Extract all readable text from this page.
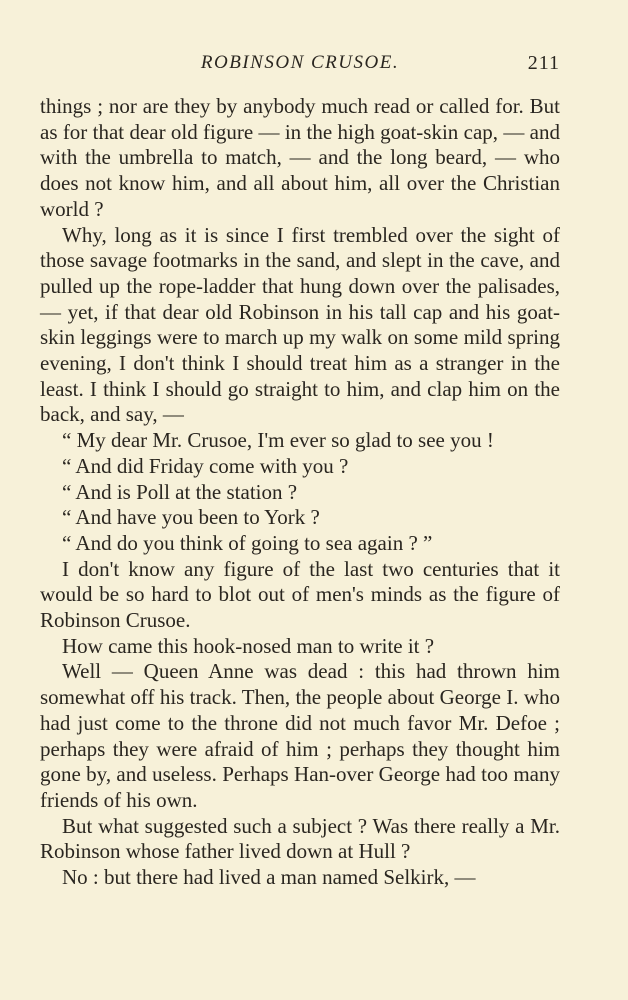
ROBINSON CRUSOE.	211

things ; nor are they by anybody much read or called for. But as for that dear old figure — in the high goat-skin cap, — and with the umbrella to match, — and the long beard, — who does not know him, and all about him, all over the Christian world ?

Why, long as it is since I first trembled over the sight of those savage footmarks in the sand, and slept in the cave, and pulled up the rope-ladder that hung down over the palisades, — yet, if that dear old Robinson in his tall cap and his goat-skin leggings were to march up my walk on some mild spring evening, I don't think I should treat him as a stranger in the least. I think I should go straight to him, and clap him on the back, and say, —

“ My dear Mr. Crusoe, I'm ever so glad to see you !

“ And did Friday come with you ?

“ And is Poll at the station ?

“ And have you been to York ?

“ And do you think of going to sea again ? ”

I don't know any figure of the last two centuries that it would be so hard to blot out of men's minds as the figure of Robinson Crusoe.

How came this hook-nosed man to write it ?

Well — Queen Anne was dead : this had thrown him somewhat off his track. Then, the people about George I. who had just come to the throne did not much favor Mr. Defoe ; perhaps they were afraid of him ; perhaps they thought him gone by, and useless. Perhaps Han-over George had too many friends of his own.

But what suggested such a subject ? Was there really a Mr. Robinson whose father lived down at Hull ?

No : but there had lived a man named Selkirk, —
